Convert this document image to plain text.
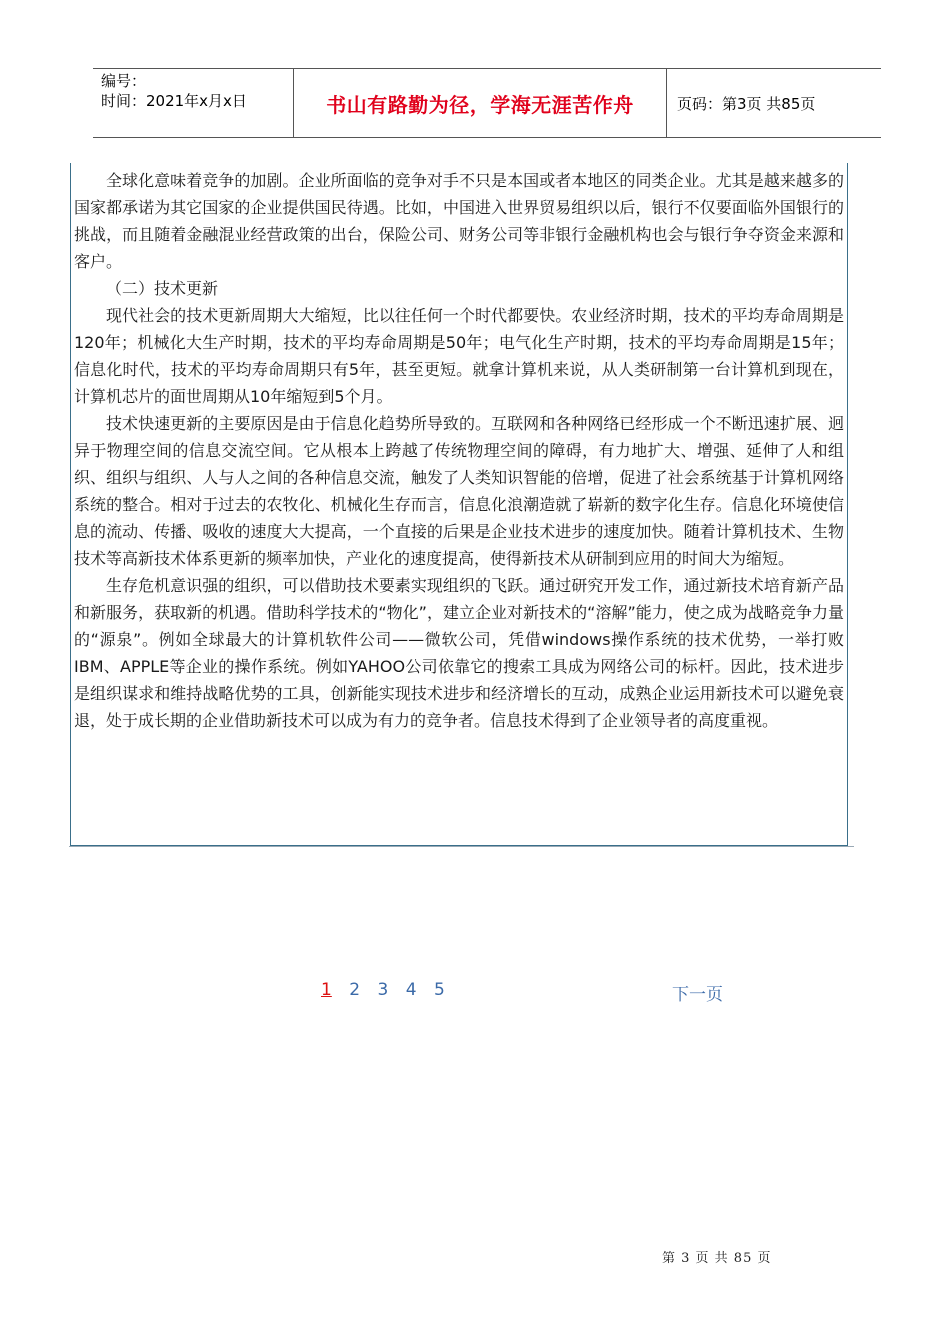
编号：
时间：2021年x月x日	书山有路勤为径，学海无涯苦作舟	页码：第3页 共85页

全球化意味着竞争的加剧。企业所面临的竞争对手不只是本国或者本地区的同类企业。尤其是越来越多的国家都承诺为其它国家的企业提供国民待遇。比如，中国进入世界贸易组织以后，银行不仅要面临外国银行的挑战，而且随着金融混业经营政策的出台，保险公司、财务公司等非银行金融机构也会与银行争夺资金来源和客户。

（二）技术更新

现代社会的技术更新周期大大缩短，比以往任何一个时代都要快。农业经济时期，技术的平均寿命周期是120年；机械化大生产时期，技术的平均寿命周期是50年；电气化生产时期，技术的平均寿命周期是15年；信息化时代，技术的平均寿命周期只有5年，甚至更短。就拿计算机来说，从人类研制第一台计算机到现在，计算机芯片的面世周期从10年缩短到5个月。

技术快速更新的主要原因是由于信息化趋势所导致的。互联网和各种网络已经形成一个不断迅速扩展、迥异于物理空间的信息交流空间。它从根本上跨越了传统物理空间的障碍，有力地扩大、增强、延伸了人和组织、组织与组织、人与人之间的各种信息交流，触发了人类知识智能的倍增，促进了社会系统基于计算机网络系统的整合。相对于过去的农牧化、机械化生存而言，信息化浪潮造就了崭新的数字化生存。信息化环境使信息的流动、传播、吸收的速度大大提高，一个直接的后果是企业技术进步的速度加快。随着计算机技术、生物技术等高新技术体系更新的频率加快，产业化的速度提高，使得新技术从研制到应用的时间大为缩短。

生存危机意识强的组织，可以借助技术要素实现组织的飞跃。通过研究开发工作，通过新技术培育新产品和新服务，获取新的机遇。借助科学技术的“物化”，建立企业对新技术的“溶解”能力，使之成为战略竞争力量的“源泉”。例如全球最大的计算机软件公司——微软公司，凭借windows操作系统的技术优势，一举打败IBM、APPLE等企业的操作系统。例如YAHOO公司依靠它的搜索工具成为网络公司的标杆。因此，技术进步是组织谋求和维持战略优势的工具，创新能实现技术进步和经济增长的互动，成熟企业运用新技术可以避免衰退，处于成长期的企业借助新技术可以成为有力的竞争者。信息技术得到了企业领导者的高度重视。

1 2 3 4 5	下一页
第 3 页 共 85 页
